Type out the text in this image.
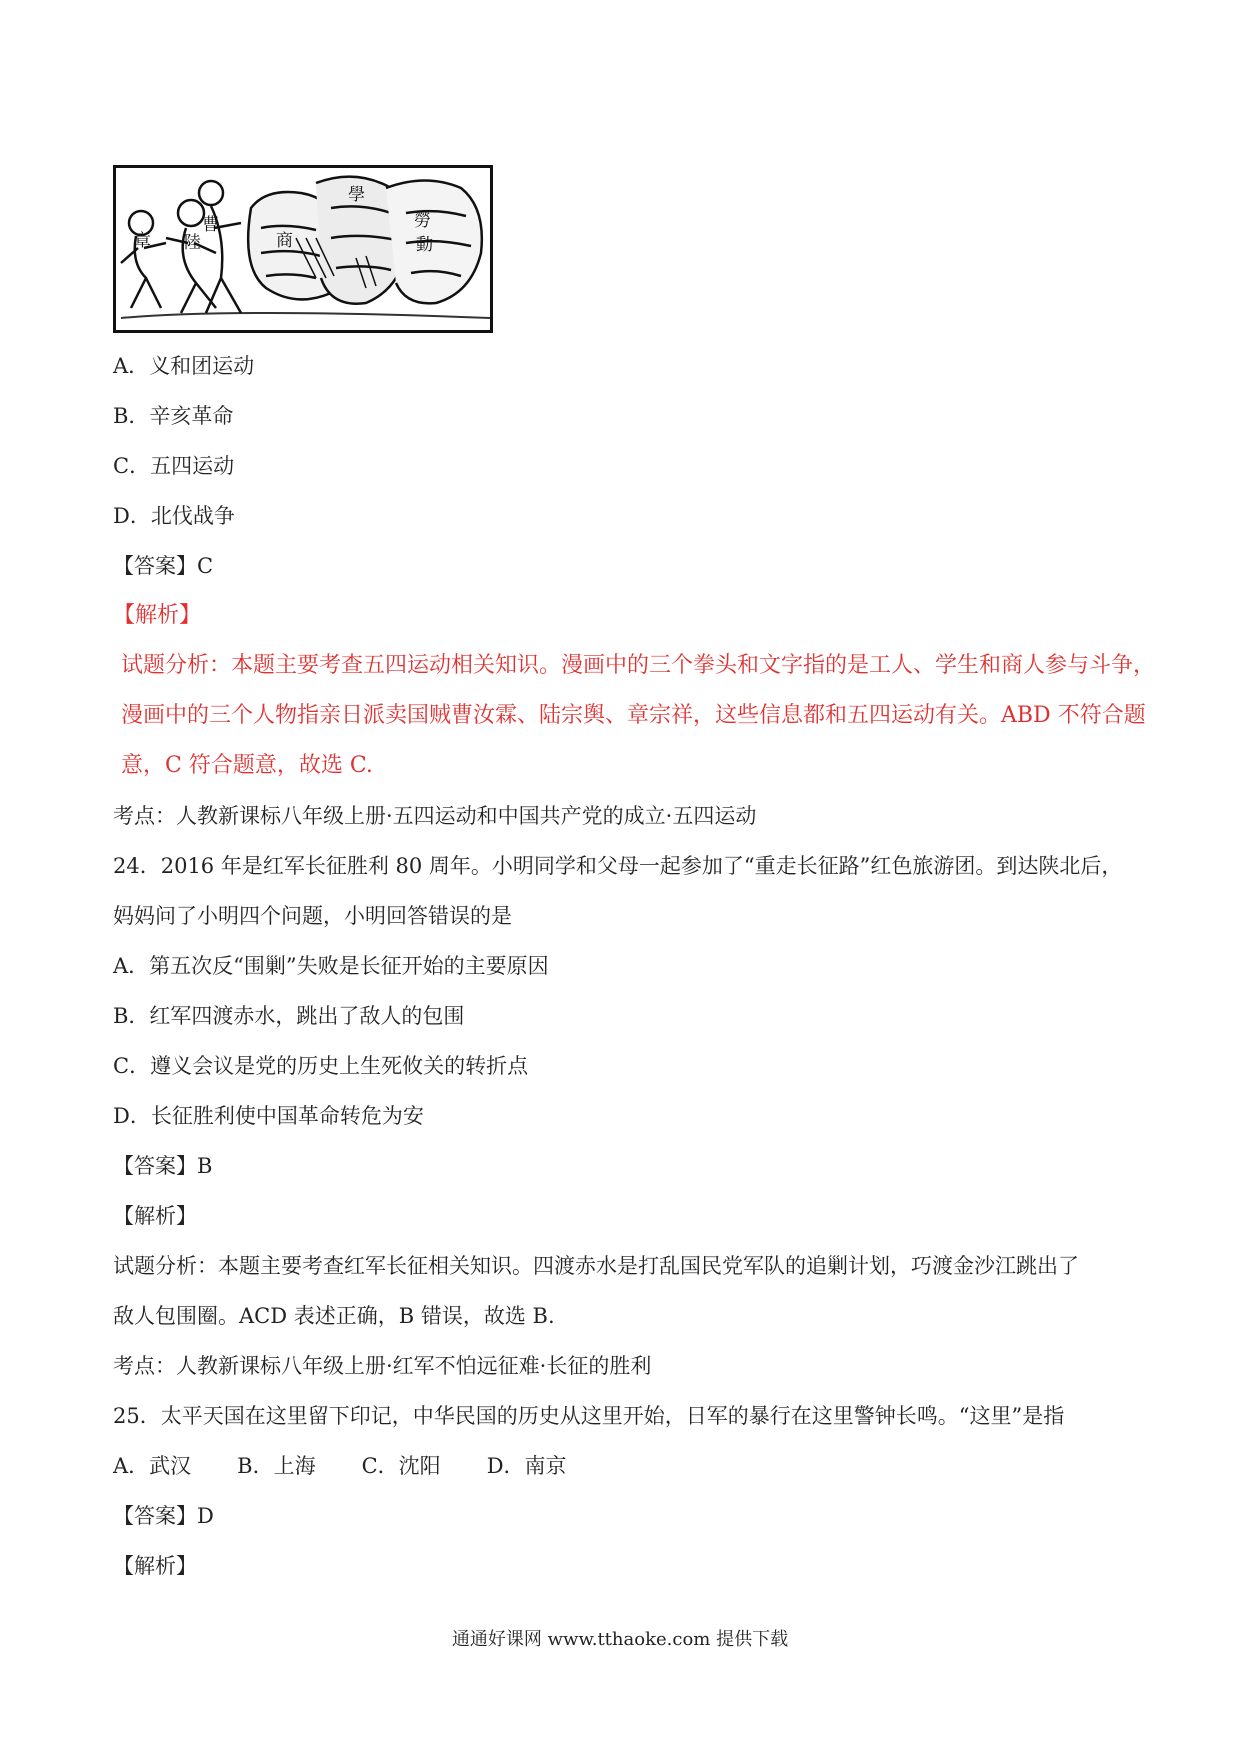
章 陸
曹
商
學
勞
動
A．义和团运动
B．辛亥革命
C．五四运动
D．北伐战争
【答案】C
【解析】

试题分析：本题主要考查五四运动相关知识。漫画中的三个拳头和文字指的是工人、学生和商人参与斗争，

漫画中的三个人物指亲日派卖国贼曹汝霖、陆宗舆、章宗祥，这些信息都和五四运动有关。ABD 不符合题

意，C 符合题意，故选 C.

考点：人教新课标八年级上册·五四运动和中国共产党的成立·五四运动

24．2016 年是红军长征胜利 80 周年。小明同学和父母一起参加了“重走长征路”红色旅游团。到达陕北后，

妈妈问了小明四个问题，小明回答错误的是

A．第五次反“围剿”失败是长征开始的主要原因
B．红军四渡赤水，跳出了敌人的包围
C．遵义会议是党的历史上生死攸关的转折点
D．长征胜利使中国革命转危为安
【答案】B
【解析】

试题分析：本题主要考查红军长征相关知识。四渡赤水是打乱国民党军队的追剿计划，巧渡金沙江跳出了

敌人包围圈。ACD 表述正确，B 错误，故选 B.

考点：人教新课标八年级上册·红军不怕远征难·长征的胜利
25．太平天国在这里留下印记，中华民国的历史从这里开始，日军的暴行在这里警钟长鸣。“这里”是指
A．武汉 B．上海 C．沈阳 D．南京
【答案】D
【解析】
通通好课网 www.tthaoke.com 提供下载
